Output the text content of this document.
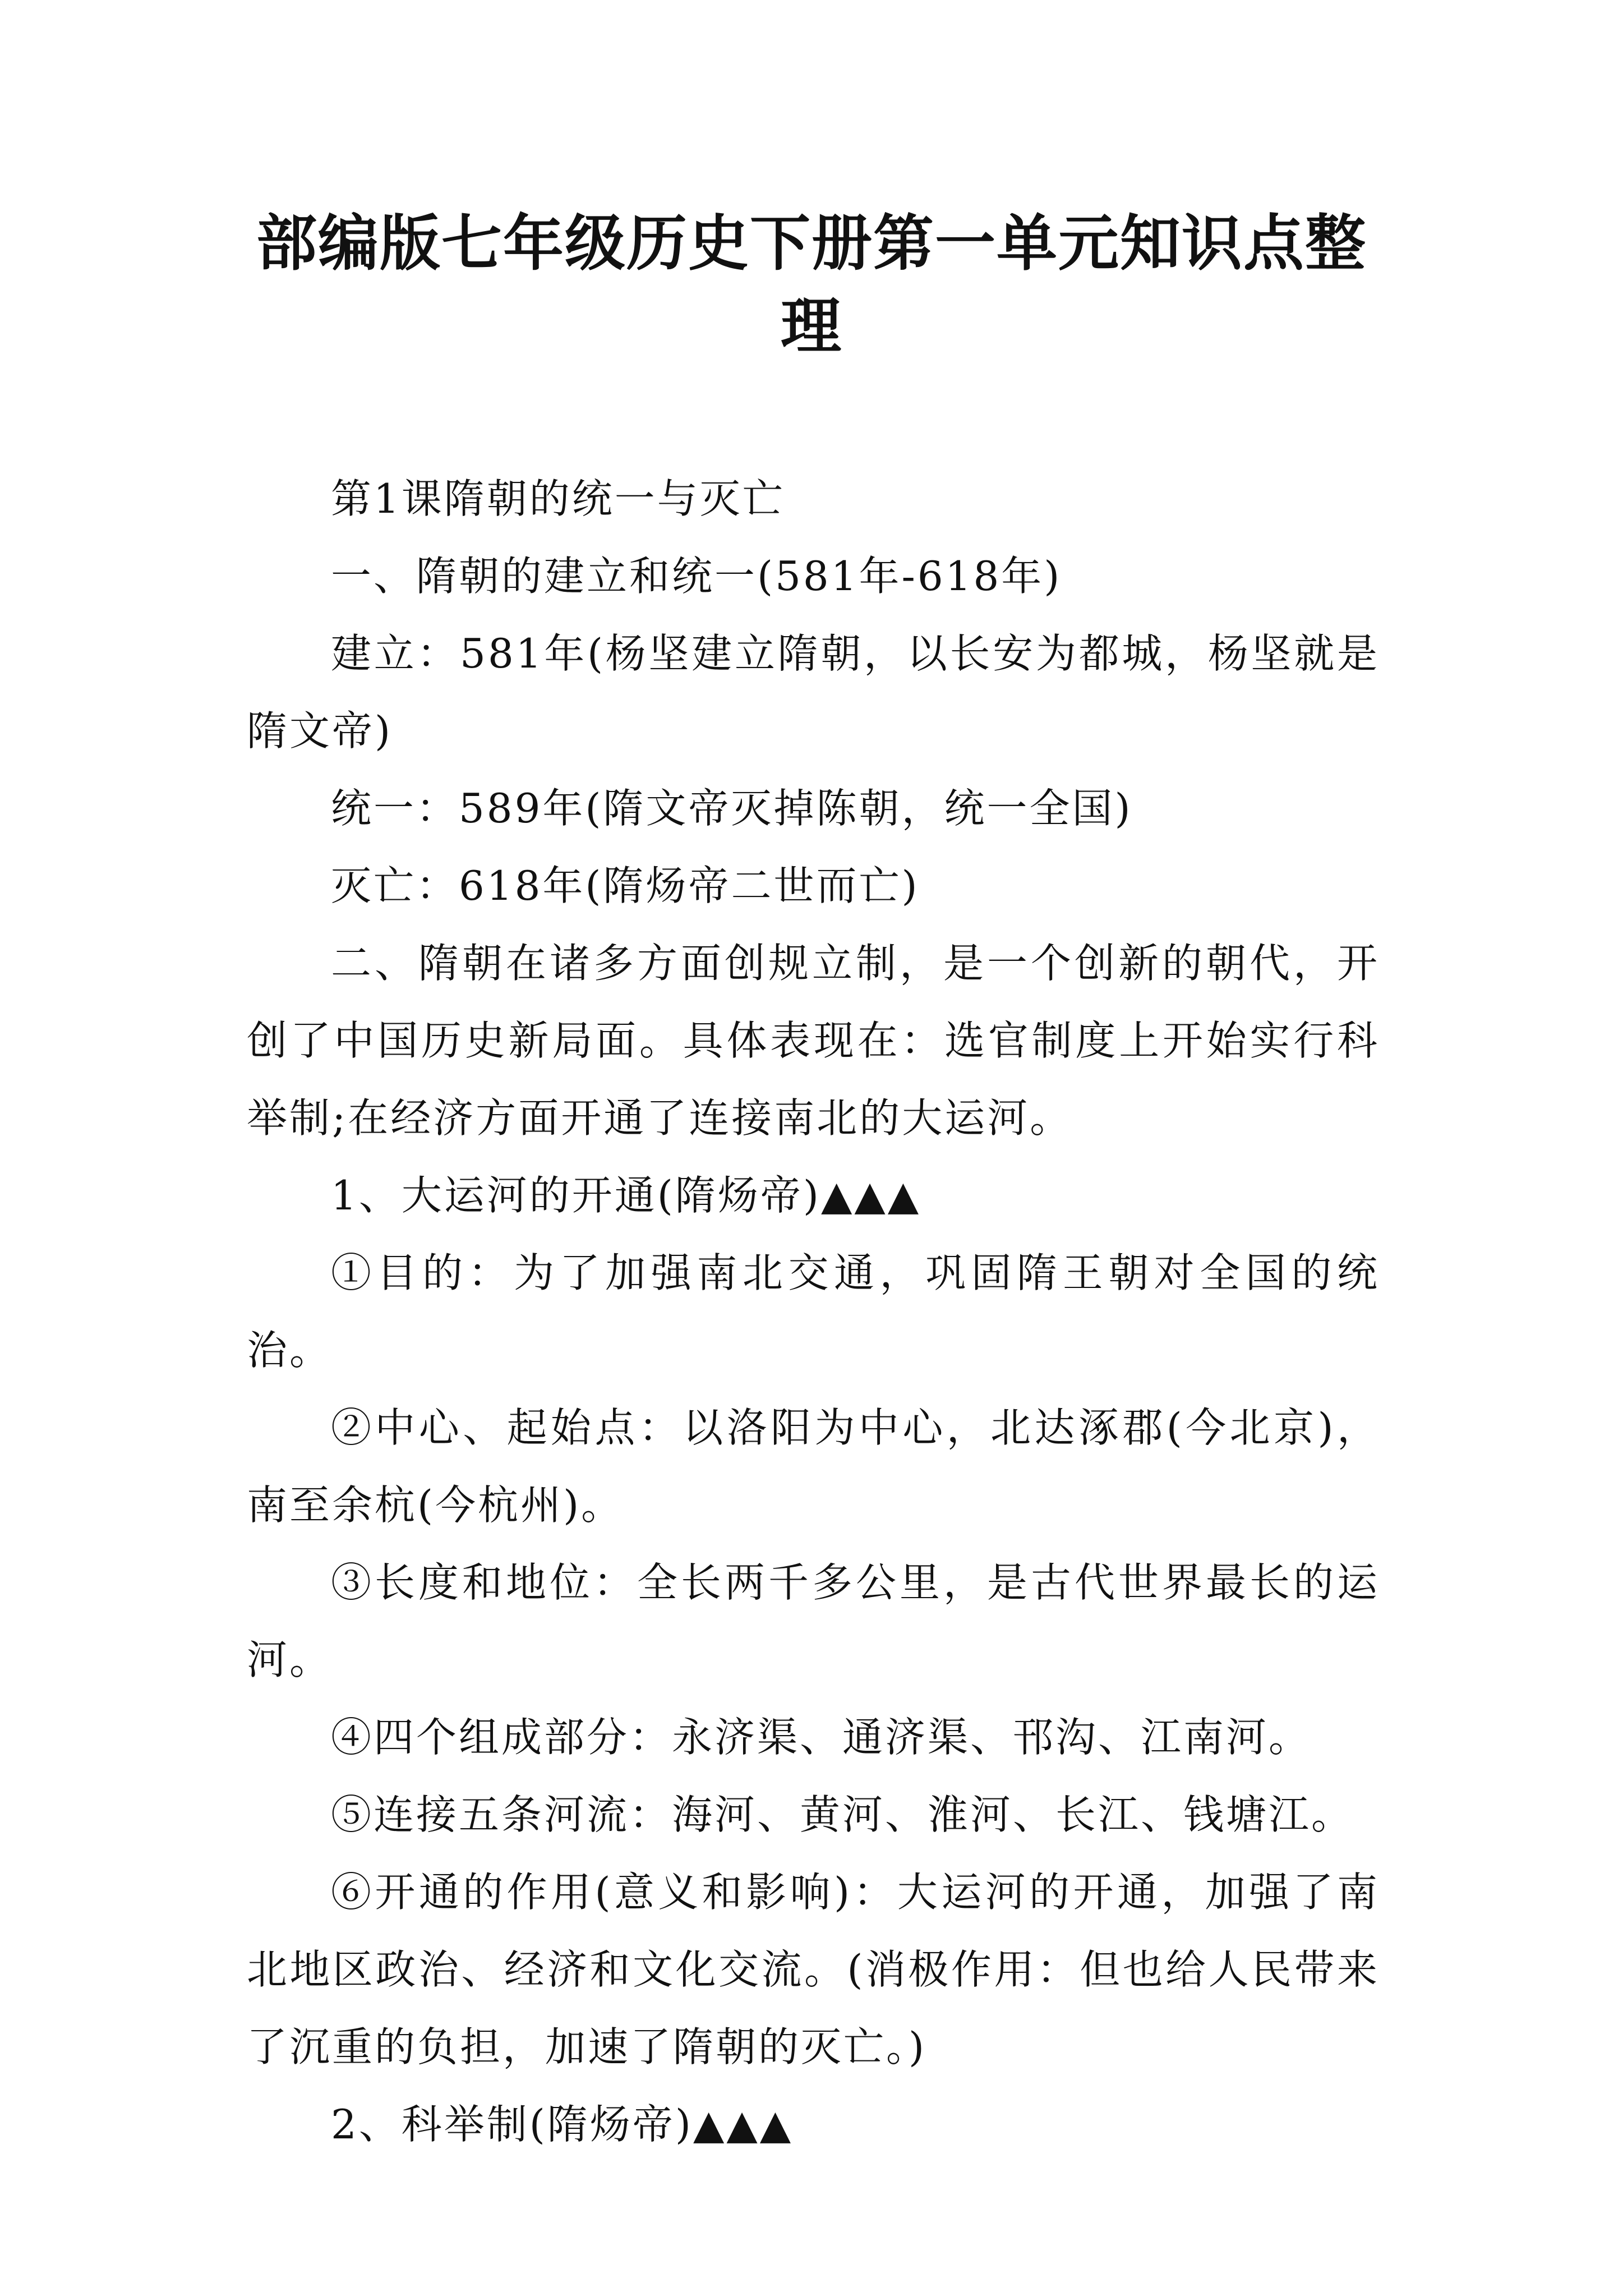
部编版七年级历史下册第一单元知识点整理

第1课隋朝的统一与灭亡

一、隋朝的建立和统一(581年-618年)

建立：581年(杨坚建立隋朝，以长安为都城，杨坚就是隋文帝)

统一：589年(隋文帝灭掉陈朝，统一全国)

灭亡：618年(隋炀帝二世而亡)

二、隋朝在诸多方面创规立制，是一个创新的朝代，开创了中国历史新局面。具体表现在：选官制度上开始实行科举制;在经济方面开通了连接南北的大运河。

1、大运河的开通(隋炀帝)▲▲▲

①目的：为了加强南北交通，巩固隋王朝对全国的统治。

②中心、起始点：以洛阳为中心，北达涿郡(今北京)，南至余杭(今杭州)。

③长度和地位：全长两千多公里，是古代世界最长的运河。

④四个组成部分：永济渠、通济渠、邗沟、江南河。

⑤连接五条河流：海河、黄河、淮河、长江、钱塘江。

⑥开通的作用(意义和影响)：大运河的开通，加强了南北地区政治、经济和文化交流。(消极作用：但也给人民带来了沉重的负担，加速了隋朝的灭亡。)

2、科举制(隋炀帝)▲▲▲
